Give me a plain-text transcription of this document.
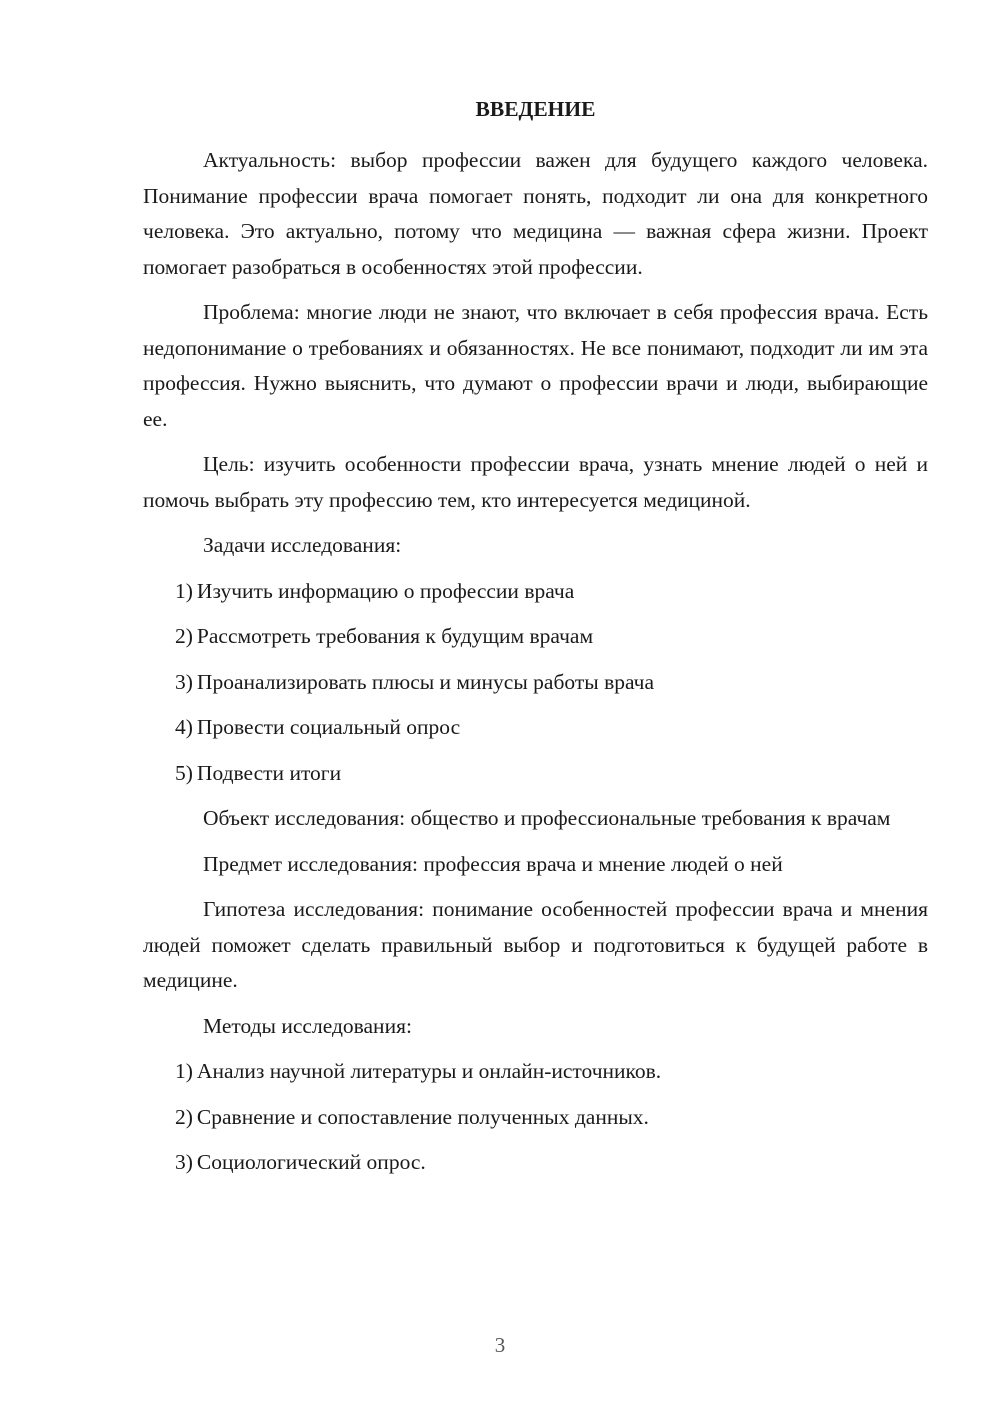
ВВЕДЕНИЕ

Актуальность: выбор профессии важен для будущего каждого человека. Понимание профессии врача помогает понять, подходит ли она для конкретного человека. Это актуально, потому что медицина — важная сфера жизни. Проект помогает разобраться в особенностях этой профессии.

Проблема: многие люди не знают, что включает в себя профессия врача. Есть недопонимание о требованиях и обязанностях. Не все понимают, подходит ли им эта профессия. Нужно выяснить, что думают о профессии врачи и люди, выбирающие ее.

Цель: изучить особенности профессии врача, узнать мнение людей о ней и помочь выбрать эту профессию тем, кто интересуется медициной.

Задачи исследования:

1) Изучить информацию о профессии врача
2) Рассмотреть требования к будущим врачам
3) Проанализировать плюсы и минусы работы врача
4) Провести социальный опрос
5) Подвести итоги

Объект исследования: общество и профессиональные требования к врачам

Предмет исследования: профессия врача и мнение людей о ней

Гипотеза исследования: понимание особенностей профессии врача и мнения людей поможет сделать правильный выбор и подготовиться к будущей работе в медицине.

Методы исследования:

1) Анализ научной литературы и онлайн-источников.
2) Сравнение и сопоставление полученных данных.
3) Социологический опрос.
3
